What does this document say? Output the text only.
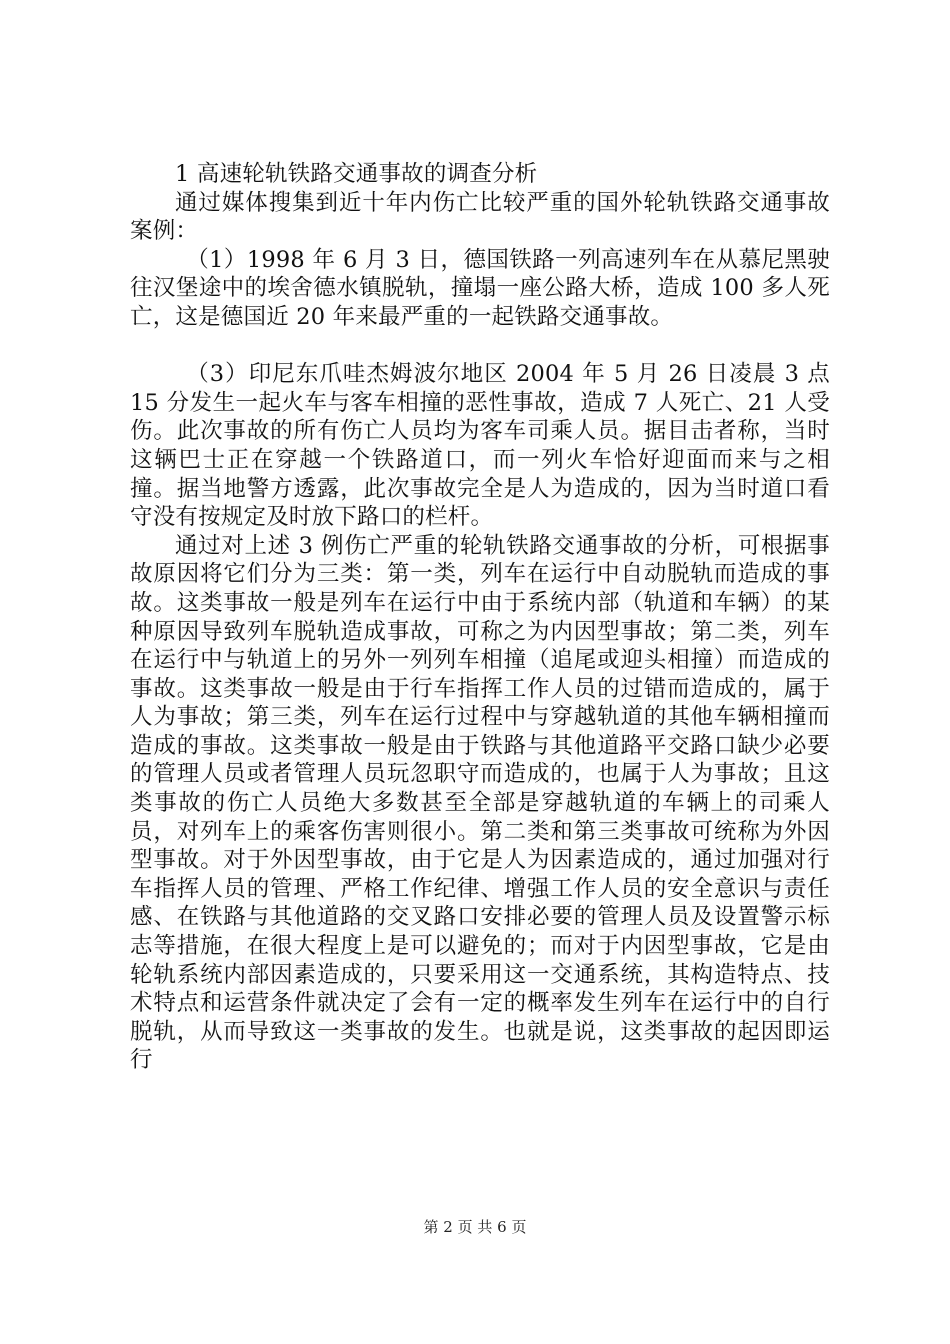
1 高速轮轨铁路交通事故的调查分析

通过媒体搜集到近十年内伤亡比较严重的国外轮轨铁路交通事故案例：

（1）1998 年 6 月 3 日，德国铁路一列高速列车在从慕尼黑驶往汉堡途中的埃舍德水镇脱轨，撞塌一座公路大桥，造成 100 多人死亡，这是德国近 20 年来最严重的一起铁路交通事故。

（3）印尼东爪哇杰姆波尔地区 2004 年 5 月 26 日凌晨 3 点 15 分发生一起火车与客车相撞的恶性事故，造成 7 人死亡、21 人受伤。此次事故的所有伤亡人员均为客车司乘人员。据目击者称，当时这辆巴士正在穿越一个铁路道口，而一列火车恰好迎面而来与之相撞。据当地警方透露，此次事故完全是人为造成的，因为当时道口看守没有按规定及时放下路口的栏杆。

通过对上述 3 例伤亡严重的轮轨铁路交通事故的分析，可根据事故原因将它们分为三类：第一类，列车在运行中自动脱轨而造成的事故。这类事故一般是列车在运行中由于系统内部（轨道和车辆）的某种原因导致列车脱轨造成事故，可称之为内因型事故；第二类，列车在运行中与轨道上的另外一列列车相撞（追尾或迎头相撞）而造成的事故。这类事故一般是由于行车指挥工作人员的过错而造成的，属于人为事故；第三类，列车在运行过程中与穿越轨道的其他车辆相撞而造成的事故。这类事故一般是由于铁路与其他道路平交路口缺少必要的管理人员或者管理人员玩忽职守而造成的，也属于人为事故；且这类事故的伤亡人员绝大多数甚至全部是穿越轨道的车辆上的司乘人员，对列车上的乘客伤害则很小。第二类和第三类事故可统称为外因型事故。对于外因型事故，由于它是人为因素造成的，通过加强对行车指挥人员的管理、严格工作纪律、增强工作人员的安全意识与责任感、在铁路与其他道路的交叉路口安排必要的管理人员及设置警示标志等措施，在很大程度上是可以避免的；而对于内因型事故，它是由轮轨系统内部因素造成的，只要采用这一交通系统，其构造特点、技术特点和运营条件就决定了会有一定的概率发生列车在运行中的自行脱轨，从而导致这一类事故的发生。也就是说，这类事故的起因即运行

第 2 页 共 6 页
